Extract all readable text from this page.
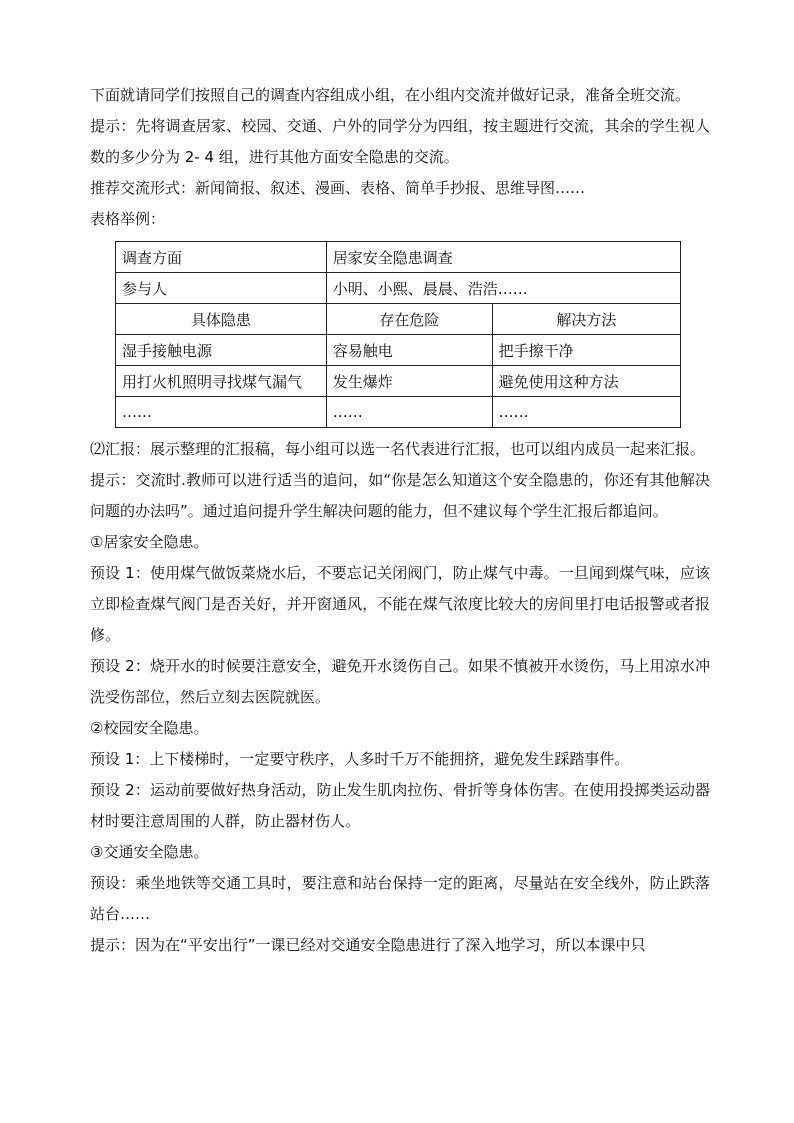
下面就请同学们按照自己的调查内容组成小组，在小组内交流并做好记录，准备全班交流。

提示：先将调查居家、校园、交通、户外的同学分为四组，按主题进行交流，其余的学生视人数的多少分为 2- 4 组，进行其他方面安全隐患的交流。

推荐交流形式：新闻简报、叙述、漫画、表格、简单手抄报、思维导图……

表格举例：

调查方面	居家安全隐患调查	
参与人	小明、小熙、晨晨、浩浩……	
具体隐患	存在危险	解决方法
湿手接触电源	容易触电	把手擦干净
用打火机照明寻找煤气漏气	发生爆炸	避免使用这种方法
……	……	……

⑵汇报：展示整理的汇报稿，每小组可以选一名代表进行汇报，也可以组内成员一起来汇报。

提示：交流时.教师可以进行适当的追问，如“你是怎么知道这个安全隐患的，你还有其他解决问题的办法吗”。通过追问提升学生解决问题的能力，但不建议每个学生汇报后都追问。

①居家安全隐患。

预设 1：使用煤气做饭菜烧水后，不要忘记关闭阀门，防止煤气中毒。一旦闻到煤气味，应该立即检查煤气阀门是否关好，并开窗通风，不能在煤气浓度比较大的房间里打电话报警或者报修。

预设 2：烧开水的时候要注意安全，避免开水烫伤自己。如果不慎被开水烫伤，马上用凉水冲洗受伤部位，然后立刻去医院就医。

②校园安全隐患。

预设 1：上下楼梯时，一定要守秩序，人多时千万不能拥挤，避免发生踩踏事件。

预设 2：运动前要做好热身活动，防止发生肌肉拉伤、骨折等身体伤害。在使用投掷类运动器材时要注意周围的人群，防止器材伤人。

③交通安全隐患。

预设：乘坐地铁等交通工具时，要注意和站台保持一定的距离，尽量站在安全线外，防止跌落站台……

提示：因为在“平安出行”一课已经对交通安全隐患进行了深入地学习，所以本课中只
